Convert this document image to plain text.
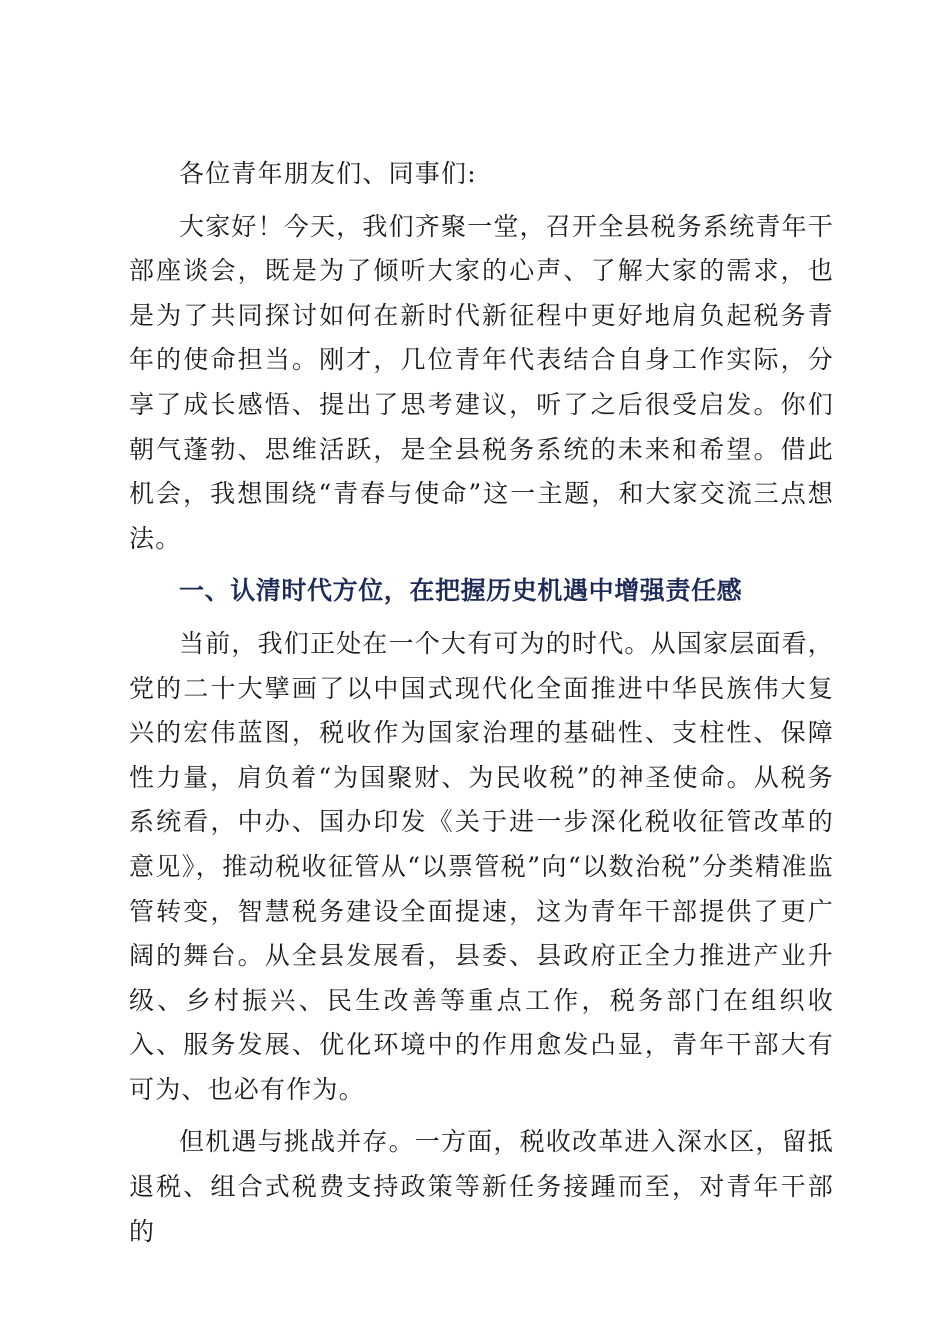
各位青年朋友们、同事们:

大家好！今天，我们齐聚一堂，召开全县税务系统青年干部座谈会，既是为了倾听大家的心声、了解大家的需求，也是为了共同探讨如何在新时代新征程中更好地肩负起税务青年的使命担当。刚才，几位青年代表结合自身工作实际，分享了成长感悟、提出了思考建议，听了之后很受启发。你们朝气蓬勃、思维活跃，是全县税务系统的未来和希望。借此机会，我想围绕“青春与使命”这一主题，和大家交流三点想法。

一、认清时代方位，在把握历史机遇中增强责任感

当前，我们正处在一个大有可为的时代。从国家层面看，党的二十大擘画了以中国式现代化全面推进中华民族伟大复兴的宏伟蓝图，税收作为国家治理的基础性、支柱性、保障性力量，肩负着“为国聚财、为民收税”的神圣使命。从税务系统看，中办、国办印发《关于进一步深化税收征管改革的意见》，推动税收征管从“以票管税”向“以数治税”分类精准监管转变，智慧税务建设全面提速，这为青年干部提供了更广阔的舞台。从全县发展看，县委、县政府正全力推进产业升级、乡村振兴、民生改善等重点工作，税务部门在组织收入、服务发展、优化环境中的作用愈发凸显，青年干部大有可为、也必有作为。

但机遇与挑战并存。一方面，税收改革进入深水区，留抵退税、组合式税费支持政策等新任务接踵而至，对青年干部的
